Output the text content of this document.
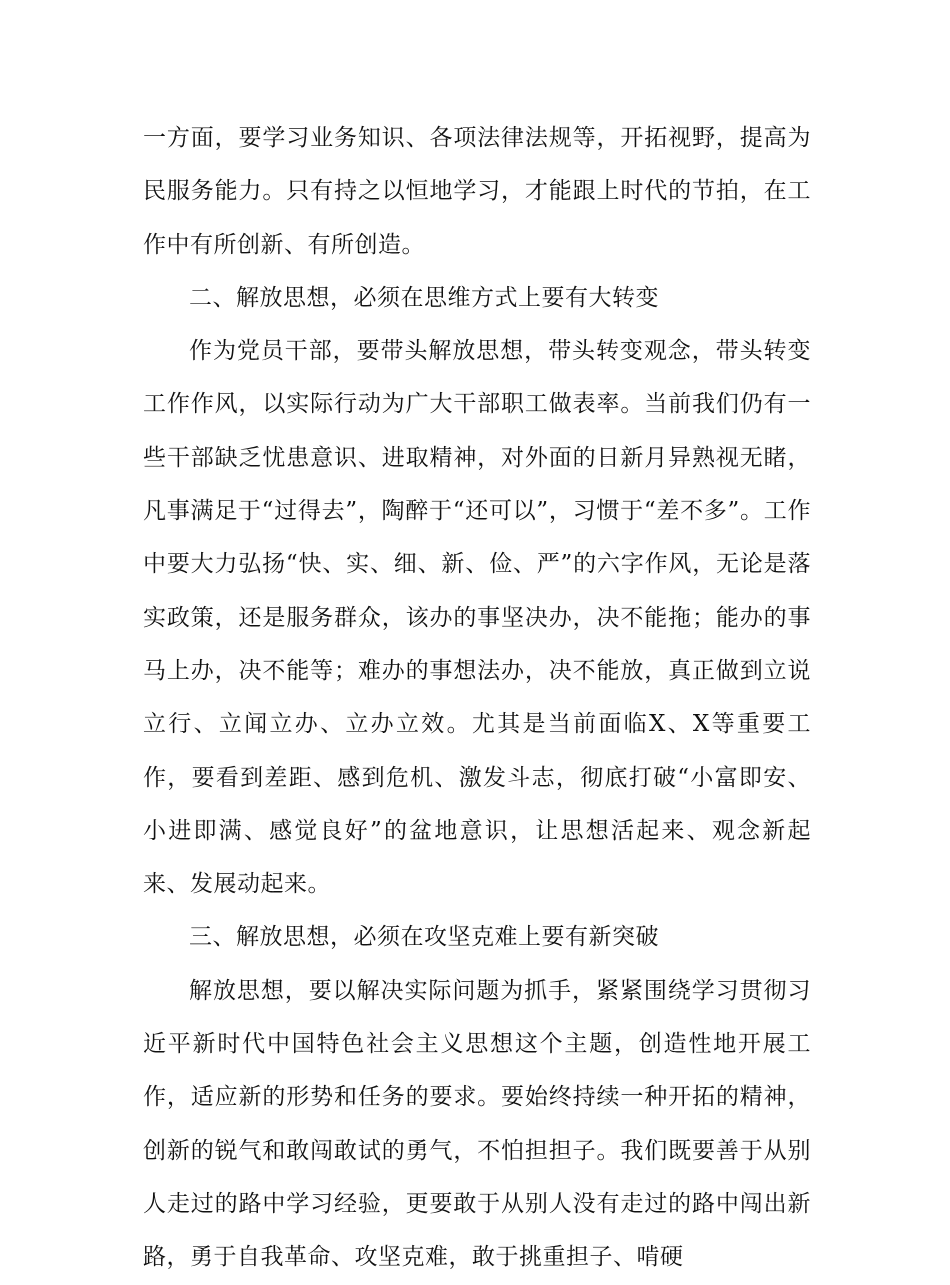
一方面，要学习业务知识、各项法律法规等，开拓视野，提高为民服务能力。只有持之以恒地学习，才能跟上时代的节拍，在工作中有所创新、有所创造。

二、解放思想，必须在思维方式上要有大转变

作为党员干部，要带头解放思想，带头转变观念，带头转变工作作风，以实际行动为广大干部职工做表率。当前我们仍有一些干部缺乏忧患意识、进取精神，对外面的日新月异熟视无睹，凡事满足于“过得去”，陶醉于“还可以”，习惯于“差不多”。工作中要大力弘扬“快、实、细、新、俭、严”的六字作风，无论是落实政策，还是服务群众，该办的事坚决办，决不能拖；能办的事马上办，决不能等；难办的事想法办，决不能放，真正做到立说立行、立闻立办、立办立效。尤其是当前面临X、X等重要工作，要看到差距、感到危机、激发斗志，彻底打破“小富即安、小进即满、感觉良好”的盆地意识，让思想活起来、观念新起来、发展动起来。

三、解放思想，必须在攻坚克难上要有新突破

解放思想，要以解决实际问题为抓手，紧紧围绕学习贯彻习近平新时代中国特色社会主义思想这个主题，创造性地开展工作，适应新的形势和任务的要求。要始终持续一种开拓的精神，创新的锐气和敢闯敢试的勇气，不怕担担子。我们既要善于从别人走过的路中学习经验，更要敢于从别人没有走过的路中闯出新路，勇于自我革命、攻坚克难，敢于挑重担子、啃硬
